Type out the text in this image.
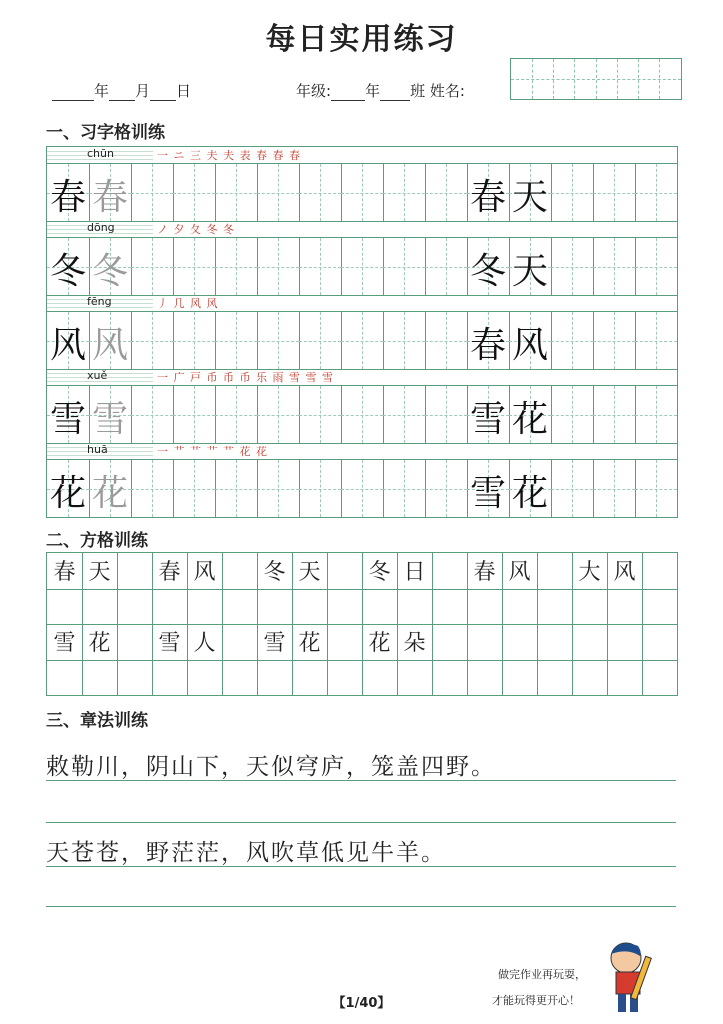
每日实用练习
年 月 日	年级: 年 班 姓名:
一、习字格训练
chūn	一 ニ 三 夫 夫 表 春 春 春
春 春	春 天
dōng	ノ 夕 夂 冬 冬
冬 冬	冬 天
fēng	丿 几 风 风
风 风	春 风
xuě	一 广 戸 币 币 币 乐 雨 雪 雪 雪
雪 雪	雪 花
huā	一 艹 艹 艹 艹 花 花
花 花	雪 花
二、方格训练
春 天 春 风 冬 天 冬 日 春 风 大 风
雪 花 雪 人 雪 花 花 朵
三、章法训练
敕勒川，阴山下，天似穹庐，笼盖四野。
天苍苍，野茫茫，风吹草低见牛羊。
做完作业再玩耍，
才能玩得更开心！
【1/40】
